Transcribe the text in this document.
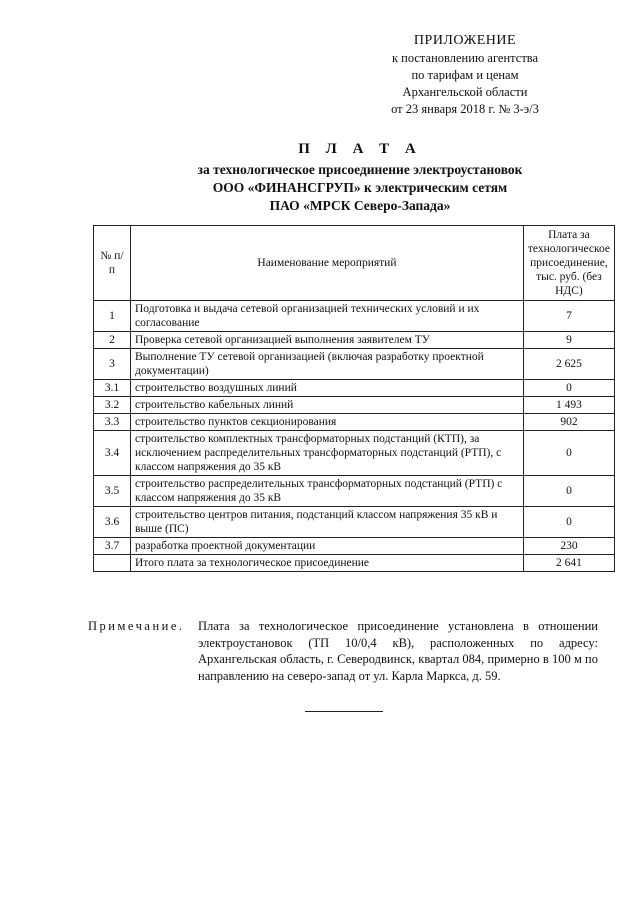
ПРИЛОЖЕНИЕ
к постановлению агентства
по тарифам и ценам
Архангельской области
от 23 января 2018 г. № 3-э/3
П Л А Т А
за технологическое присоединение электроустановок
ООО «ФИНАНСГРУП» к электрическим сетям
ПАО «МРСК Северо-Запада»
№ п/п	Наименование мероприятий	Плата за технологическое присоединение, тыс. руб. (без НДС)
1	Подготовка и выдача сетевой организацией технических условий и их согласование	7
2	Проверка сетевой организацией выполнения заявителем ТУ	9
3	Выполнение ТУ сетевой организацией (включая разработку проектной документации)	2 625
3.1	строительство воздушных линий	0
3.2	строительство кабельных линий	1 493
3.3	строительство пунктов секционирования	902
3.4	строительство комплектных трансформаторных подстанций (КТП), за исключением распределительных трансформаторных подстанций (РТП), с классом напряжения до 35 кВ	0
3.5	строительство распределительных трансформаторных подстанций (РТП) с классом напряжения до 35 кВ	0
3.6	строительство центров питания, подстанций классом напряжения 35 кВ и выше (ПС)	0
3.7	разработка проектной документации	230
	Итого плата за технологическое присоединение	2 641
Примечание. Плата за технологическое присоединение установлена в отношении электроустановок (ТП 10/0,4 кВ), расположенных по адресу: Архангельская область, г. Северодвинск, квартал 084, примерно в 100 м по направлению на северо-запад от ул. Карла Маркса, д. 59.
